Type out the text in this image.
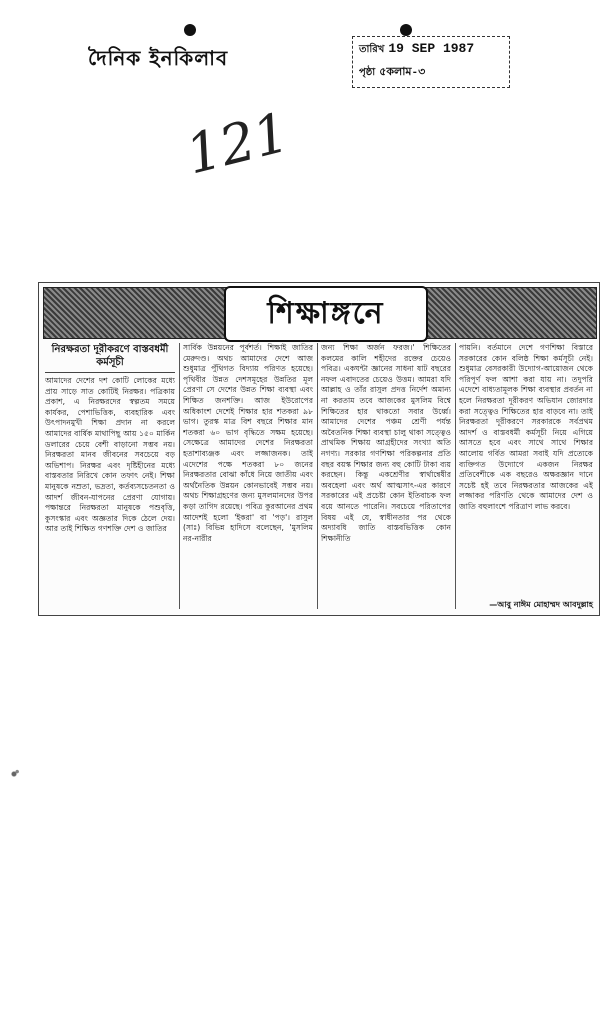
দৈনিক ইনকিলাব	তারিখ 19 SEP 1987
পৃষ্ঠা ৫কলাম-৩
121
শিক্ষাঙ্গনে
নিরক্ষরতা দূরীকরণে বাস্তবধর্মী কর্মসূচী
আমাদের দেশের দশ কোটি লোকের মধ্যে প্রায় সাড়ে সাত কোটিই নিরক্ষর। পত্রিকায় প্রকাশ, এ নিরক্ষরদের স্বল্পতম সময়ে কার্যকর, পেশাভিত্তিক, ব্যবহারিক এবং উৎপাদনমুখী শিক্ষা প্রদান না করলে আমাদের বার্ষিক মাথাপিছু আয় ১৫০ মার্কিন ডলারের চেয়ে বেশী বাড়ানো সম্ভব নয়। নিরক্ষরতা মানব জীবনের সবচেয়ে বড় অভিশাপ। নিরক্ষর এবং দৃষ্টিহীনের মধ্যে বাস্তবতার নিরিখে কোন তফাৎ নেই। শিক্ষা মানুষকে নম্রতা, ভদ্রতা, কর্তব্যসচেতনতা ও আদর্শ জীবন-যাপনের প্রেরণা যোগায়। পক্ষান্তরে নিরক্ষরতা মানুষকে পশুবৃত্তি, কুসংস্কার এবং অজ্ঞতার দিকে ঠেলে দেয়। আর তাই শিক্ষিত গণশক্তি দেশ ও জাতির
সার্বিক উন্নয়নের পূর্বশর্ত। শিক্ষাই জাতির মেরুদণ্ড। অথচ আমাদের দেশে আজ শুধুমাত্র পুঁথিগত বিদ্যায় পরিণত হয়েছে। পৃথিবীর উন্নত দেশসমূহের উন্নতির মূল প্রেরণা সে দেশের উন্নত শিক্ষা ব্যবস্থা এবং শিক্ষিত জনশক্তি। আজ ইউরোপের অধিকাংশ দেশেই শিক্ষার হার শতকরা ৯৮ ভাগ। তুরস্ক মাত্র বিশ বছরে শিক্ষার মান শতকরা ৬০ ভাগ বৃদ্ধিতে সক্ষম হয়েছে। সেক্ষেত্রে আমাদের দেশের নিরক্ষরতা হতাশাব্যঞ্জক এবং লজ্জাজনক। তাই এদেশের পক্ষে শতকরা ৮০ জনের নিরক্ষরতার বোঝা কাঁধে নিয়ে জাতীয় এবং অর্থনৈতিক উন্নয়ন কোনভাবেই সম্ভব নয়। অথচ শিক্ষাগ্রহণের জন্য মুসলমানদের উপর কড়া তাগিদ রয়েছে। পবিত্র কুরআনের প্রথম আদেশই হলো 'ইকরা' বা 'পড়'। রাসুল (সাঃ) বিভিন্ন হাদিসে বলেছেন, 'মুসলিম নর-নারীর
জন্য শিক্ষা অর্জন ফরজ।' শিক্ষিতের কলমের কালি শহীদের রক্তের চেয়েও পবিত্র। একঘন্টা জ্ঞানের সাধনা ষাট বছরের নফল এবাদতের চেয়েও উত্তম। আমরা যদি আল্লাহ ও তাঁর রাসুল প্রদত্ত নির্দেশ অমান্য না করতাম তবে আজকের মুসলিম বিশ্বে শিক্ষিতের হার থাকতো সবার উর্ধ্বে। আমাদের দেশের পঞ্চম শ্রেণী পর্যন্ত অবৈতনিক শিক্ষা ব্যবস্থা চালু থাকা সত্ত্বেও প্রাথমিক শিক্ষায় আগ্রহীদের সংখ্যা অতি নগণ্য। সরকার গণশিক্ষা পরিকল্পনার প্রতি বছর বয়স্ক শিক্ষার জন্য বহু কোটি টাকা ব্যয় করছেন। কিন্তু একশ্রেণীর স্বার্থান্বেষীর অবহেলা এবং অর্থ আত্মসাৎ-এর কারণে সরকারের এই প্রচেষ্টা কোন ইতিবাচক ফল বয়ে আনতে পারেনি। সবচেয়ে পরিতাপের বিষয় এই যে, স্বাধীনতার পর থেকে অদ্যাবধি জাতি বাস্তবভিত্তিক কোন শিক্ষানীতি
পায়নি। বর্তমানে দেশে গণশিক্ষা বিস্তারে সরকারের কোন বলিষ্ঠ শিক্ষা কর্মসূচী নেই। শুধুমাত্র বেসরকারী উদ্যোগ-আয়োজন থেকে পরিপূর্ণ ফল আশা করা যায় না। তদুপরি এদেশে বাধ্যতামূলক শিক্ষা ব্যবস্থার প্রবর্তন না হলে নিরক্ষরতা দূরীকরণ অভিযান জোরদার করা সত্ত্বেও শিক্ষিতের হার বাড়বে না। তাই নিরক্ষরতা দূরীকরণে সরকারকে সর্বপ্রথম আদর্শ ও বাস্তবধর্মী কর্মসূচী নিয়ে এগিয়ে আসতে হবে এবং সাথে সাথে শিক্ষার আলোয় গর্বিত আমরা সবাই যদি প্রত্যেকে ব্যক্তিগত উদ্যোগে একজন নিরক্ষর প্রতিবেশীকে এক বছরেও অক্ষরজ্ঞান দানে সচেষ্ট হই তবে নিরক্ষরতার আজকের এই লজ্জাকর পরিণতি থেকে আমাদের দেশ ও জাতি বহুলাংশে পরিত্রাণ লাভ করবে।
—আবু নাঈম মোহাম্মদ আবদুল্লাহ
